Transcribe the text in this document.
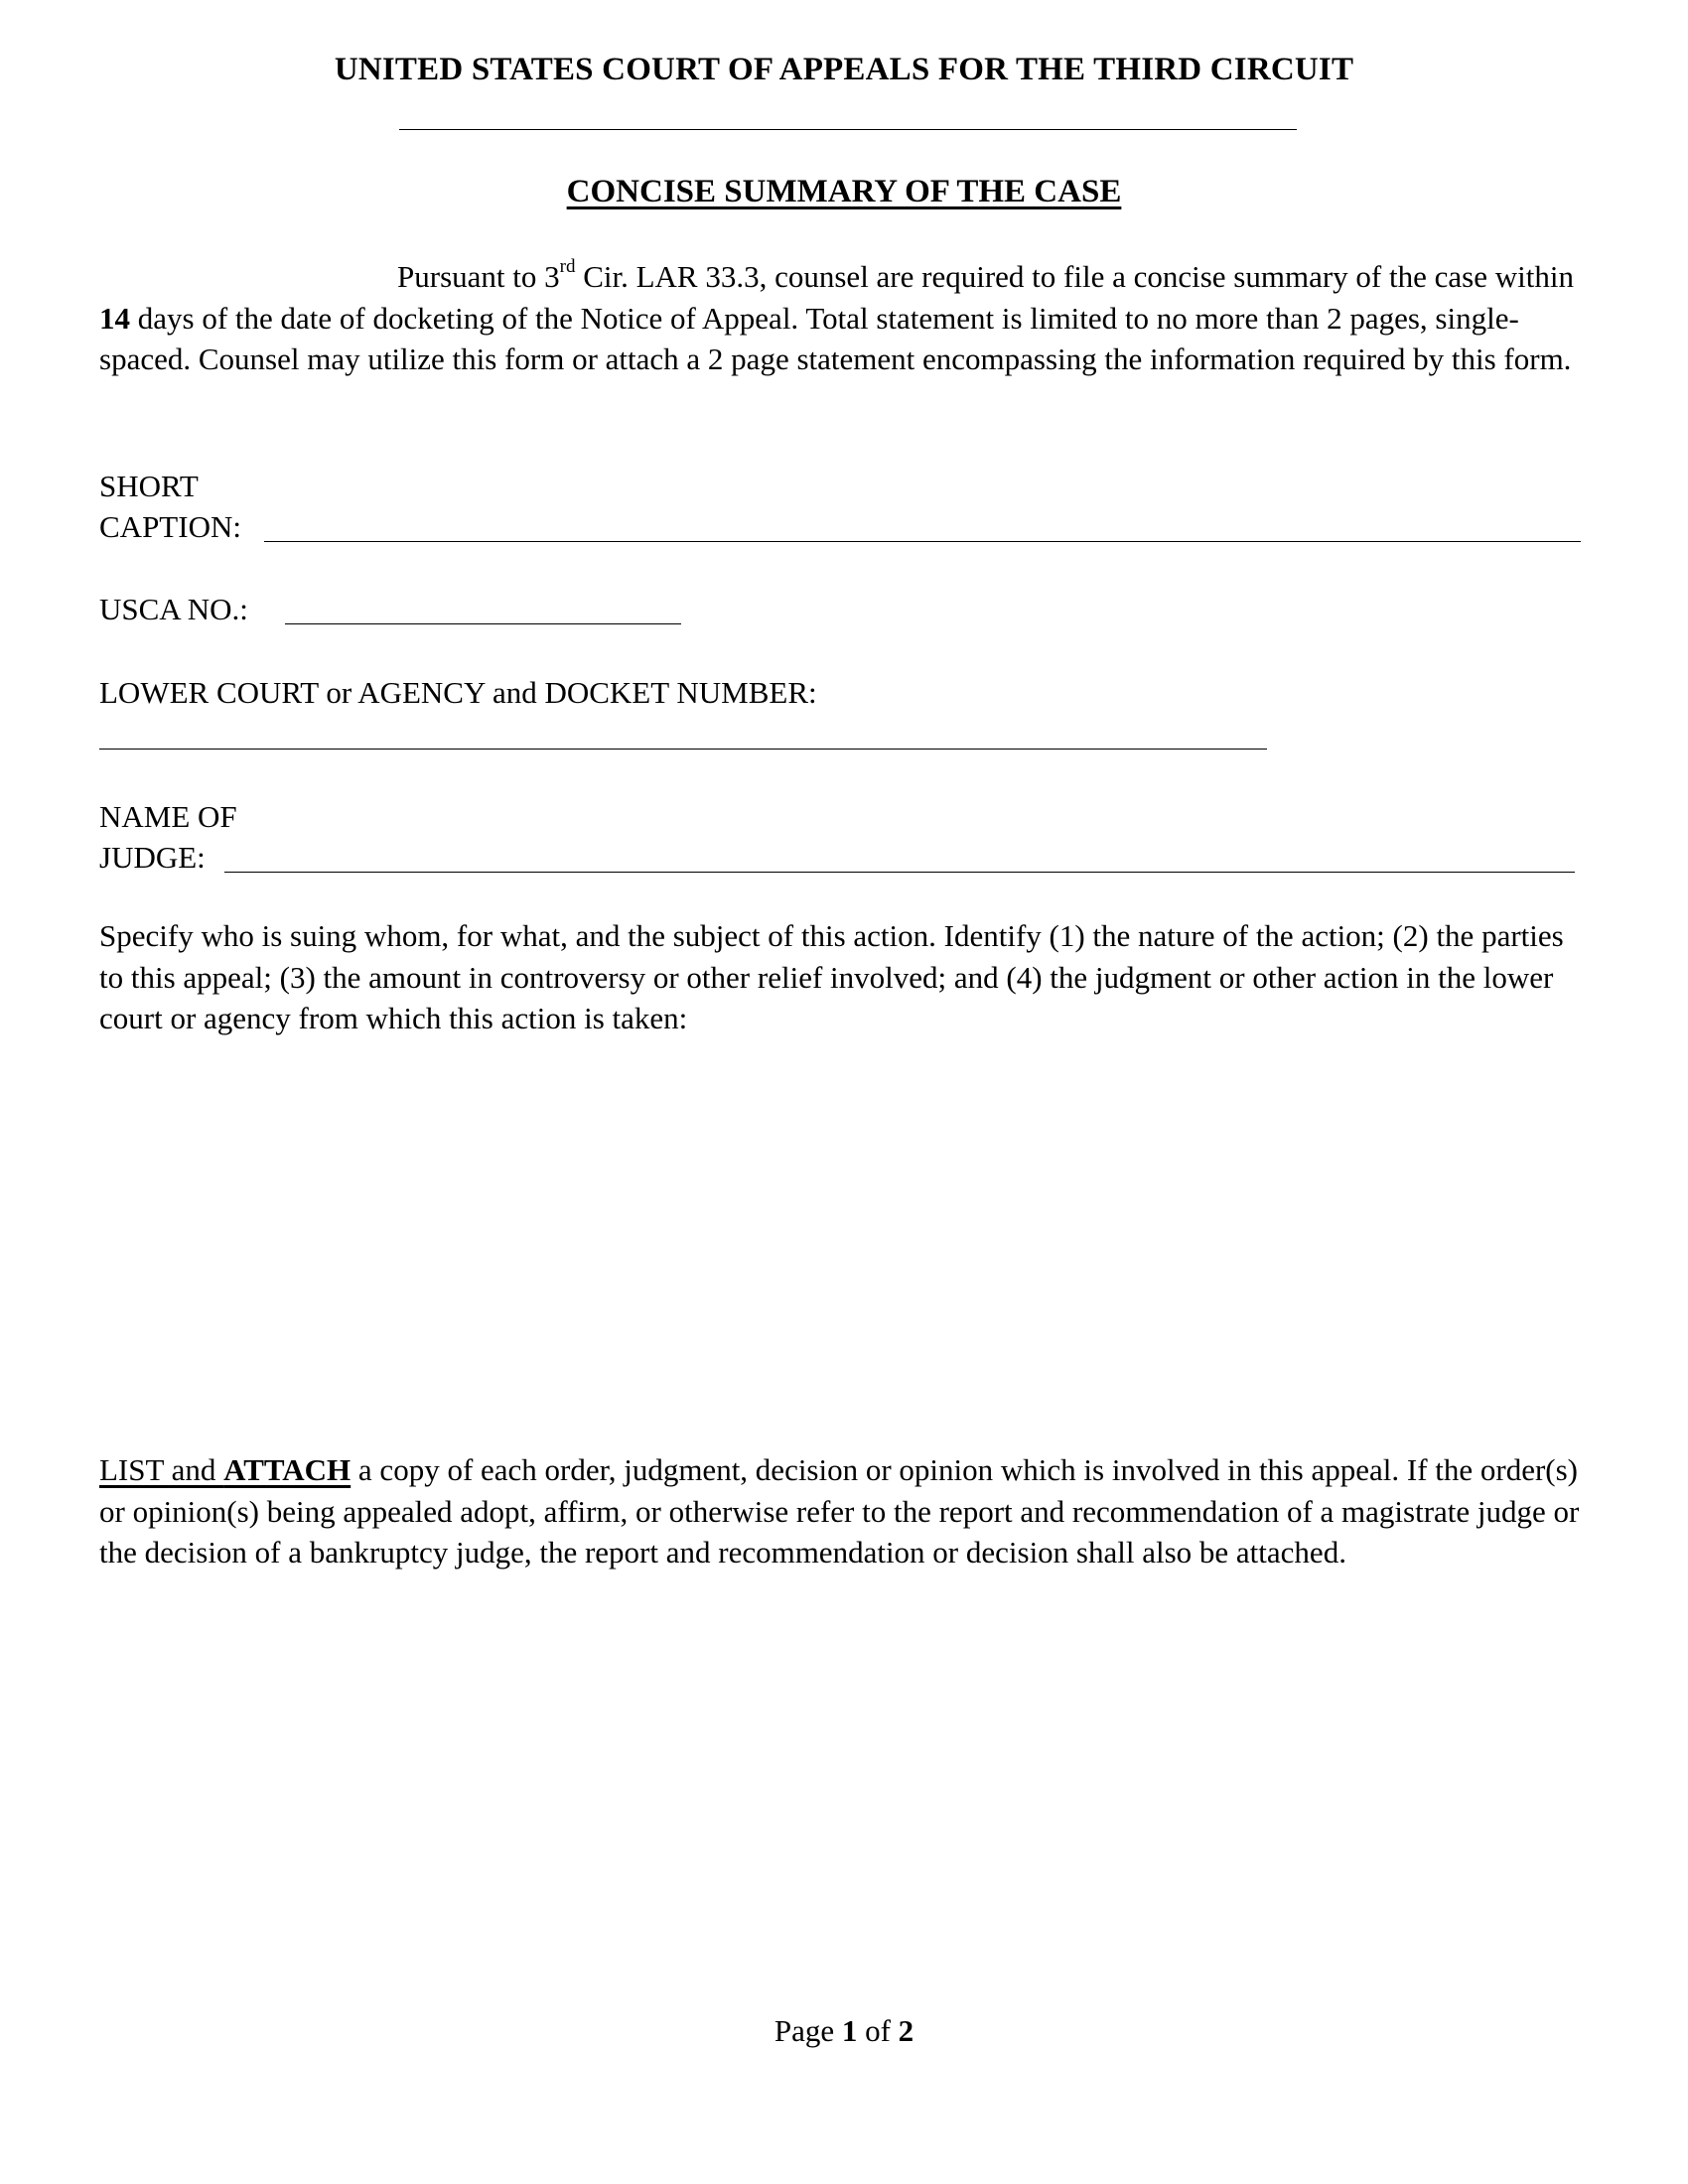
UNITED STATES COURT OF APPEALS FOR THE THIRD CIRCUIT
CONCISE SUMMARY OF THE CASE
Pursuant to 3rd Cir. LAR 33.3, counsel are required to file a concise summary of the case within 14 days of the date of docketing of the Notice of Appeal. Total statement is limited to no more than 2 pages, single-spaced. Counsel may utilize this form or attach a 2 page statement encompassing the information required by this form.
SHORT
CAPTION:
USCA NO.:
LOWER COURT or AGENCY and DOCKET NUMBER:
NAME OF
JUDGE:
Specify who is suing whom, for what, and the subject of this action. Identify (1) the nature of the action; (2) the parties to this appeal; (3) the amount in controversy or other relief involved; and (4) the judgment or other action in the lower court or agency from which this action is taken:
LIST and ATTACH a copy of each order, judgment, decision or opinion which is involved in this appeal. If the order(s) or opinion(s) being appealed adopt, affirm, or otherwise refer to the report and recommendation of a magistrate judge or the decision of a bankruptcy judge, the report and recommendation or decision shall also be attached.
Page 1 of 2
